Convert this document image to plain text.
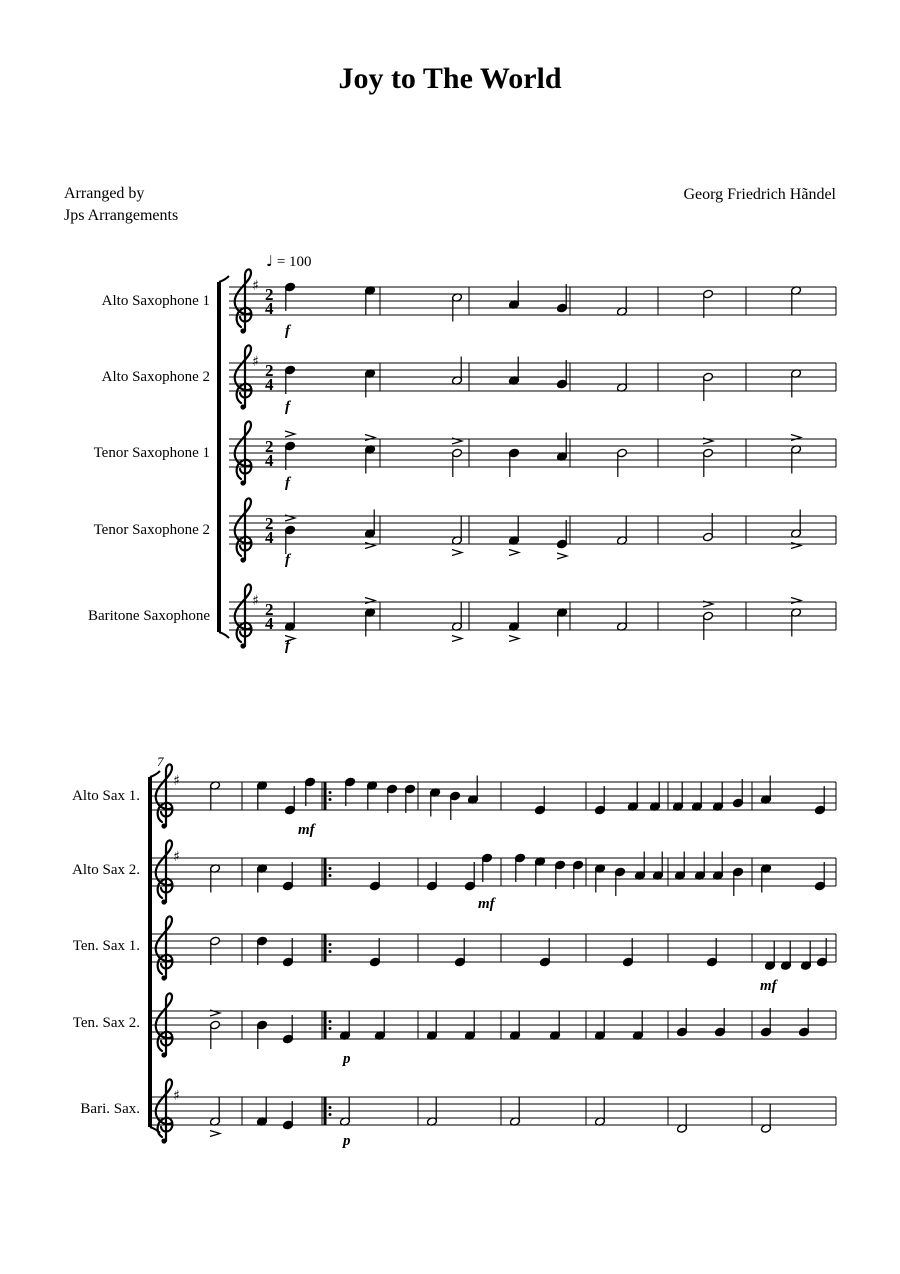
Joy to The World
Arranged by
Jps Arrangements
Georg Friedrich Hãndel
♩ = 100
Alto Saxophone 1
Alto Saxophone 2
Tenor Saxophone 1
Tenor Saxophone 2
Baritone Saxophone
Alto Sax 1.
Alto Sax 2.
Ten. Sax 1.
Ten. Sax 2.
Bari. Sax.
♯ 2
4
f
♯ 2
4
f
2
4
f
2
4
f
♯ 2
4
f
♯
mf
♯
mf
mf
p
♯
p
7
